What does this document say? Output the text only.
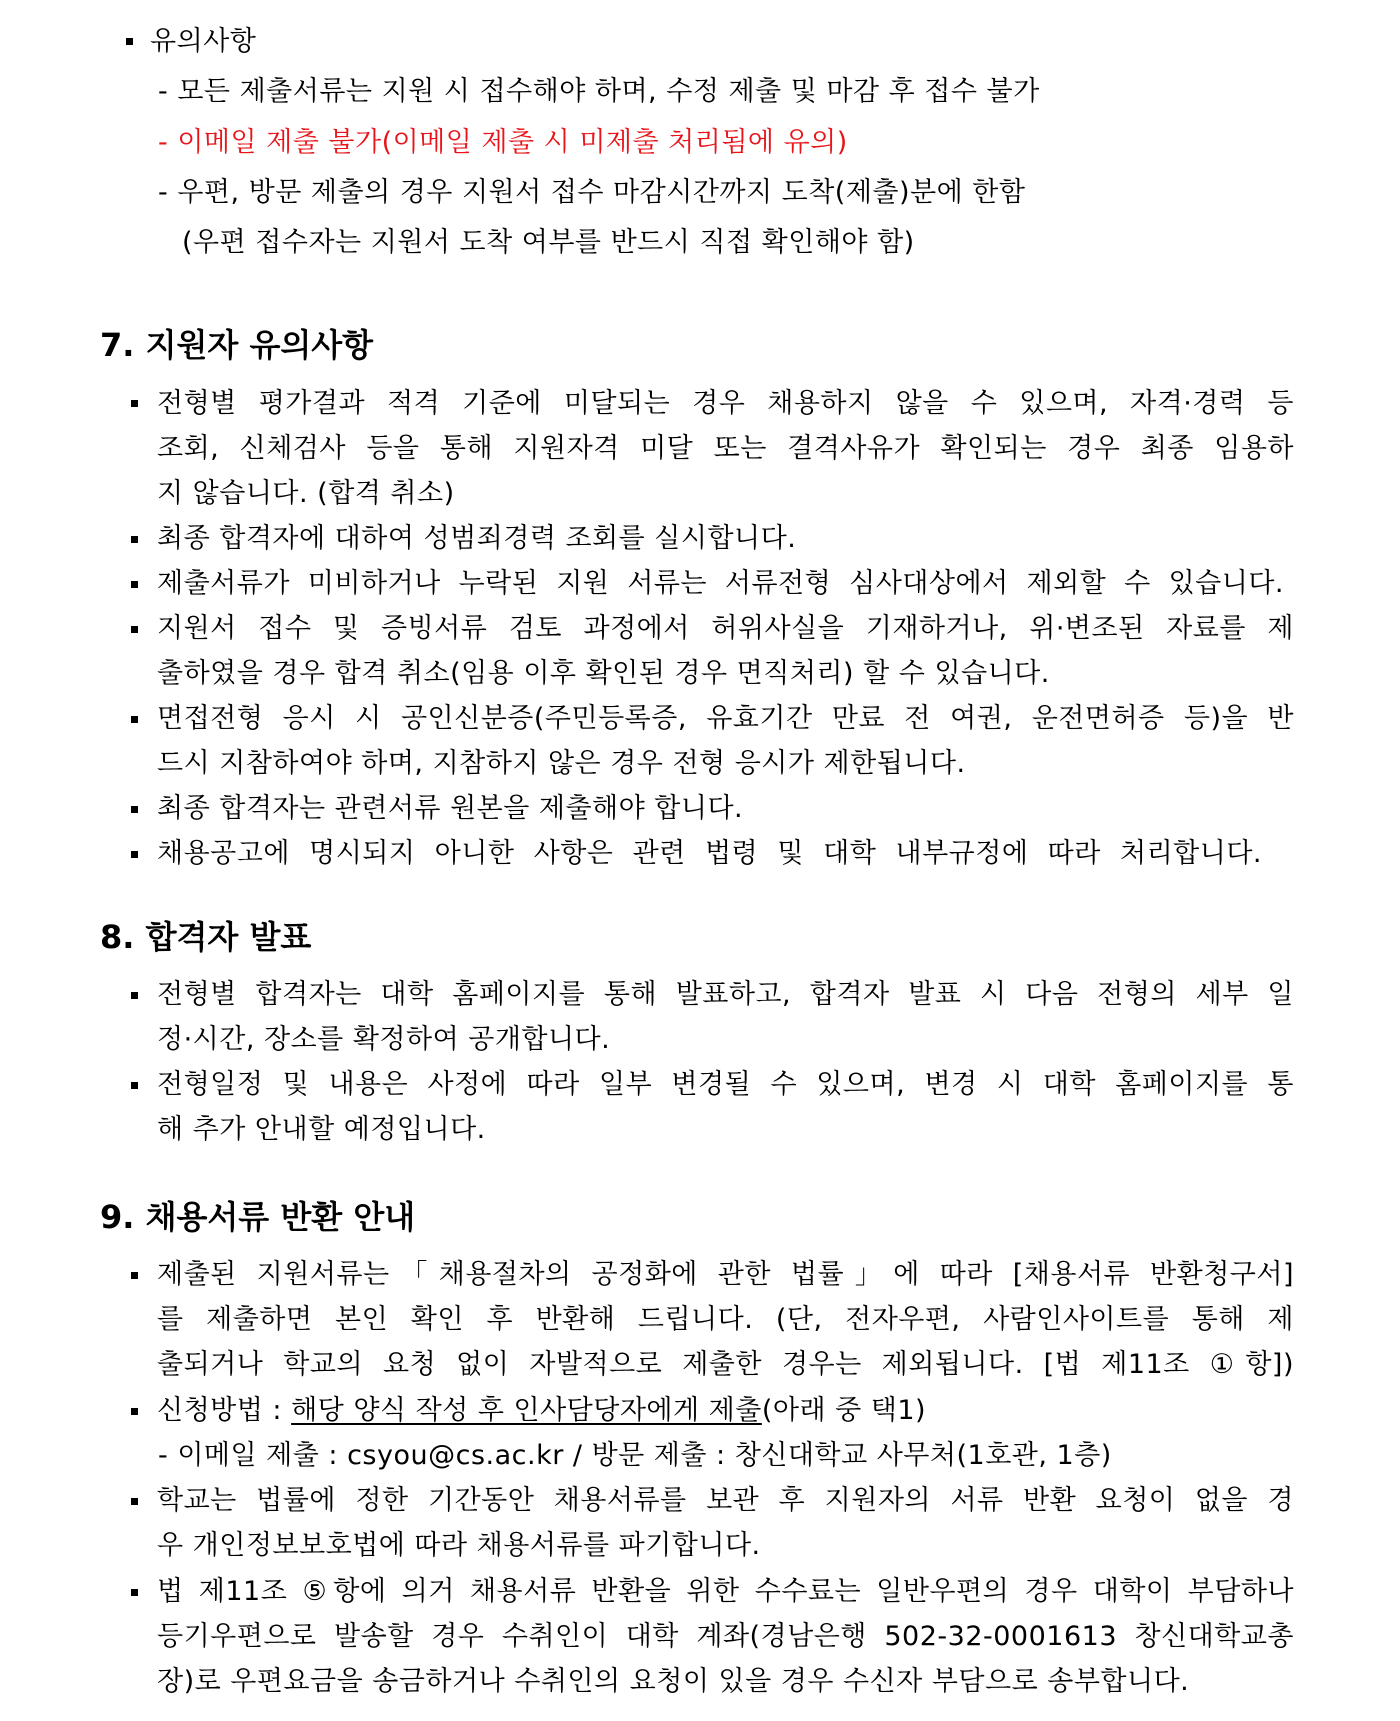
유의사항
- 모든 제출서류는 지원 시 접수해야 하며, 수정 제출 및 마감 후 접수 불가
- 이메일 제출 불가(이메일 제출 시 미제출 처리됨에 유의)
- 우편, 방문 제출의 경우 지원서 접수 마감시간까지 도착(제출)분에 한함
(우편 접수자는 지원서 도착 여부를 반드시 직접 확인해야 함)
7. 지원자 유의사항
전형별 평가결과 적격 기준에 미달되는 경우 채용하지 않을 수 있으며, 자격·경력 등
조회, 신체검사 등을 통해 지원자격 미달 또는 결격사유가 확인되는 경우 최종 임용하
지 않습니다. (합격 취소)
최종 합격자에 대하여 성범죄경력 조회를 실시합니다.
제출서류가 미비하거나 누락된 지원 서류는 서류전형 심사대상에서 제외할 수 있습니다.
지원서 접수 및 증빙서류 검토 과정에서 허위사실을 기재하거나, 위·변조된 자료를 제
출하였을 경우 합격 취소(임용 이후 확인된 경우 면직처리) 할 수 있습니다.
면접전형 응시 시 공인신분증(주민등록증, 유효기간 만료 전 여권, 운전면허증 등)을 반
드시 지참하여야 하며, 지참하지 않은 경우 전형 응시가 제한됩니다.
최종 합격자는 관련서류 원본을 제출해야 합니다.
채용공고에 명시되지 아니한 사항은 관련 법령 및 대학 내부규정에 따라 처리합니다.
8. 합격자 발표
전형별 합격자는 대학 홈페이지를 통해 발표하고, 합격자 발표 시 다음 전형의 세부 일
정·시간, 장소를 확정하여 공개합니다.
전형일정 및 내용은 사정에 따라 일부 변경될 수 있으며, 변경 시 대학 홈페이지를 통
해 추가 안내할 예정입니다.
9. 채용서류 반환 안내
제출된 지원서류는「채용절차의 공정화에 관한 법률」에 따라 [채용서류 반환청구서]
를 제출하면 본인 확인 후 반환해 드립니다. (단, 전자우편, 사람인사이트를 통해 제
출되거나 학교의 요청 없이 자발적으로 제출한 경우는 제외됩니다. [법 제11조 ①항])
신청방법 : 해당 양식 작성 후 인사담당자에게 제출(아래 중 택1)
- 이메일 제출 : csyou@cs.ac.kr / 방문 제출 : 창신대학교 사무처(1호관, 1층)
학교는 법률에 정한 기간동안 채용서류를 보관 후 지원자의 서류 반환 요청이 없을 경
우 개인정보보호법에 따라 채용서류를 파기합니다.
법 제11조 ⑤항에 의거 채용서류 반환을 위한 수수료는 일반우편의 경우 대학이 부담하나
등기우편으로 발송할 경우 수취인이 대학 계좌(경남은행 502-32-0001613 창신대학교총
장)로 우편요금을 송금하거나 수취인의 요청이 있을 경우 수신자 부담으로 송부합니다.
